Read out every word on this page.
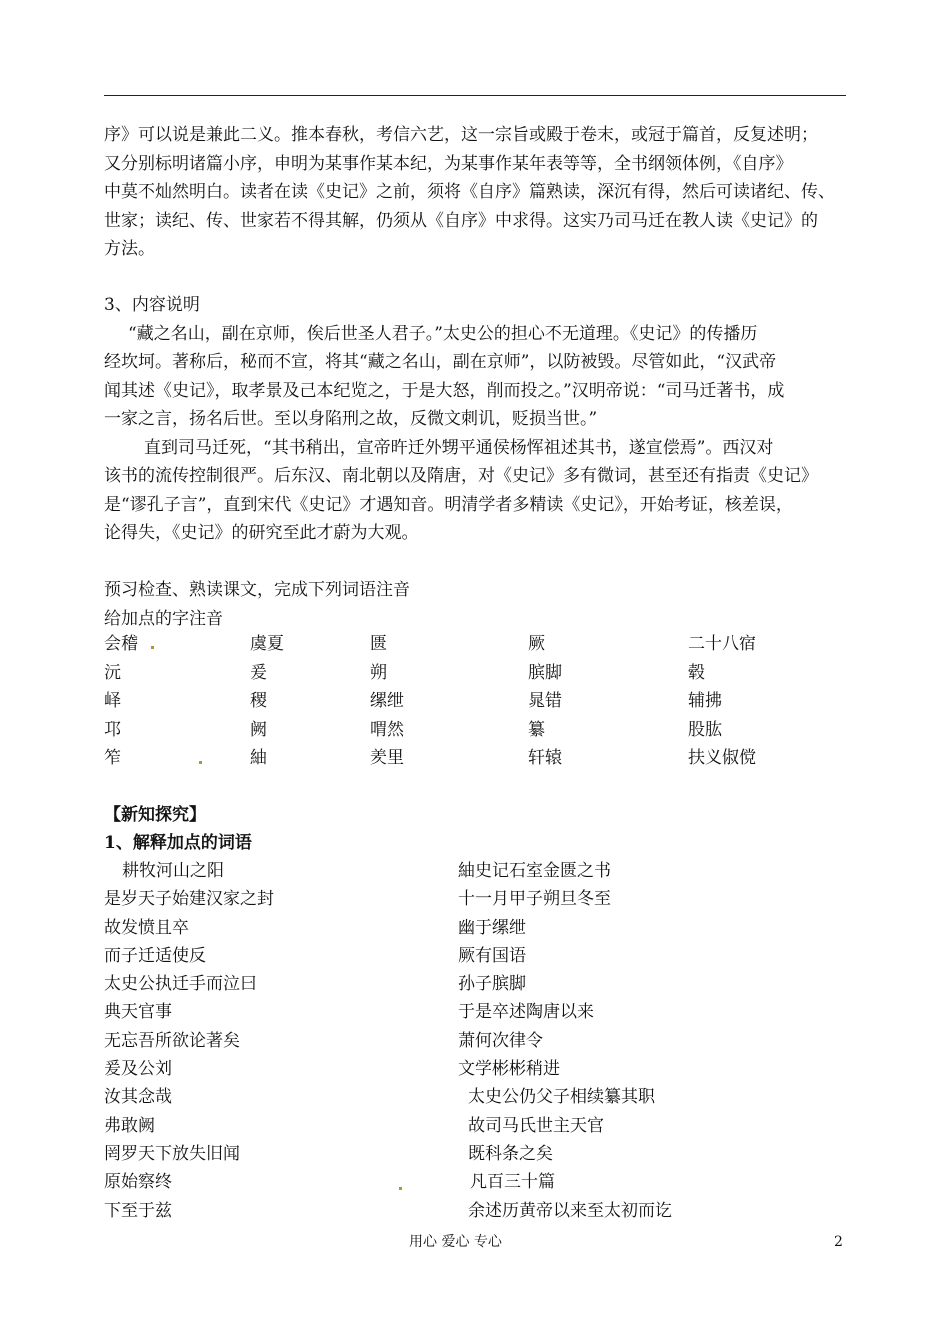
序》可以说是兼此二义。推本春秋，考信六艺，这一宗旨或殿于卷末，或冠于篇首，反复述明；
又分别标明诸篇小序，申明为某事作某本纪，为某事作某年表等等，全书纲领体例，《自序》
中莫不灿然明白。读者在读《史记》之前，须将《自序》篇熟读，深沉有得，然后可读诸纪、传、
世家；读纪、传、世家若不得其解，仍须从《自序》中求得。这实乃司马迁在教人读《史记》的
方法。
3、内容说明
“藏之名山，副在京师，俟后世圣人君子。”太史公的担心不无道理。《史记》的传播历
经坎坷。著称后，秘而不宣，将其“藏之名山，副在京师”，以防被毁。尽管如此，“汉武帝
闻其述《史记》，取孝景及己本纪览之，于是大怒，削而投之。”汉明帝说：“司马迁著书，成
一家之言，扬名后世。至以身陷刑之故，反微文刺讥，贬损当世。”
直到司马迁死，“其书稍出，宣帝旿迁外甥平通侯杨恽祖述其书，遂宣偿焉”。西汉对
该书的流传控制很严。后东汉、南北朝以及隋唐，对《史记》多有微词，甚至还有指责《史记》
是“谬孔子言”，直到宋代《史记》才遇知音。明清学者多精读《史记》，开始考证，核差误，
论得失，《史记》的研究至此才蔚为大观。
预习检查、熟读课文，完成下列词语注音
给加点的字注音
会稽	虞夏	匮	厥	二十八宿
沅	爰	朔	膑脚	毂
峄	稷	缧绁	晁错	辅拂
邛	阙	喟然	纂	股肱
笮	紬	羑里	轩辕	扶义俶傥
【新知探究】
1、解释加点的词语
耕牧河山之阳	紬史记石室金匮之书
是岁天子始建汉家之封	十一月甲子朔旦冬至
故发愤且卒	幽于缧绁
而子迁适使反	厥有国语
太史公执迁手而泣曰	孙子膑脚
典天官事	于是卒述陶唐以来
无忘吾所欲论著矣	萧何次律令
爰及公刘	文学彬彬稍进
汝其念哉	太史公仍父子相续纂其职
弗敢阙	故司马氏世主天官
罔罗天下放失旧闻	既科条之矣
原始察终	凡百三十篇
下至于兹	余述历黄帝以来至太初而讫
用心 爱心 专心	2
